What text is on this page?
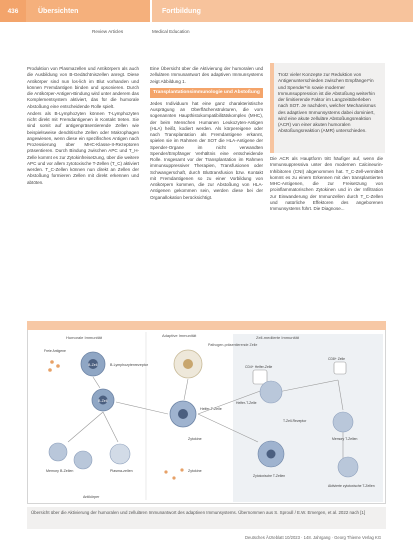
436	Übersichten	Fortbildung
Review Articles	Medical Education

Produktion von Plasmazellen und Antikörpern als auch die Ausbildung von B-Gedächtniszellen anregt. Diese Antikörper sind nun los-lich im Blut vorhanden und können Fremdantigen binden und opsonieren. Durch die Antikörper-Antigen-Bindung wird unter anderem das Komplementsystem aktiviert, das für die humorale Abstoßung eine entscheidende Rolle spielt.

Anders als B-Lymphozyten können T-Lymphozyten nicht direkt mit Fremdantigenen in Kontakt treten. Sie sind somit auf antigenpräsentierende Zellen wie beispielsweise dendritische Zellen oder Makrophagen angewiesen, wenn diese ein spezifisches Antigen nach Prozessierung über MHC-Klasse-II-Rezeptoren präsentieren. Durch Bindung zwischen APC und T_H-Zelle kommt es zur Zytokinfreisetzung, über die weitere APC und vor allem zytotoxische T-Zellen (T_C) aktiviert werden. T_C-Zellen können nun direkt an Zellen der Abstoßung formieren Zellen mit direkt erkennen und abtöten.

Eine Übersicht über die Aktivierung der humoralen und zellulären Immunantwort des adaptiven Immunsystems zeigt Abbildung 1.

Transplantationsimmunologie und Abstoßung

Jedes Individuum hat eine ganz charakteristische Ausprägung an Oberflächenstrukturen, die vom sogenannten Haupthistokompatibilitätskomplex (MHC), der beim Menschen Humanen Leukozyten-Antigen (HLA) heißt, kodiert werden. Als körpereigene oder nach Transplantation als Fremdantigene erkannt, spielen sie im Rahmen der SOT die HLA-Antigene der Spender-Organe im nicht verwandten Spender/Empfänger Verhältnis eine entscheidende Rolle. Insgesamt vor der Transplantation im Rahmen immunsuppressiver Therapien, Transfusionen oder Schwangerschaft, durch Bluttransfusion bzw. Kontakt mit Fremdantigenen so zu einer Vorbildung von Antikörpern kommen, die zur Abstoßung von HLA-Antigenen gekommen sein, werden diese bei der Organallokation berücksichtigt.

Trotz vieler Konzepte zur Reduktion von Antigenunterschieden zwischen Empfänger*in und Spender*in sowie moderner Immunsuppression ist die Abstoßung weiterhin der limitierende Faktor im Langzeitüberleben nach SOT. Je nachdem, welcher Mechanismus des adaptiven Immunsystems dabei dominiert, wird eine akute zelluläre Abstoßungsreaktion (ACR) von einer akuten humoralen Abstoßungsreaktion (AMR) unterschieden.

Die ACR als Hauptform tritt häufiger auf, wenn die Immunsuppressiva unter den modernen Calcineurin-Inhibitoren (CNI) abgenommen hat. T_C-Zell-vermittelt kommt es zu einem Erkennen mit den transplantierten MHC-Antigenen, die zur Freisetzung von proinflammatorischen Zytokinen und in der Infiltration zur Einwanderung der Immunzellen durch T_C-Zellen und natürliche Effektoren des angeborenen Immunsystems führt. Die Diagnose...

Humorale Immunität	Adaptive Immunität	Zell-mediierte Immunität
Pathogen-präsentierende Zelle
B-Zell	B-Lymphozytenrezeptor
B-Zell
Memory B-Zellen	Plasma-zellen
Antikörper
Freie Antigene
Helfer-T-Zelle
Zytokine
Zytokine
CD4+ Helfer-Zelle
Helfer-T-Zelle
Zytotoxische T-Zellen
CD8+ Zelle
Memory T-Zellen
Aktivierte zytotoxische T-Zellen
T-Zell-Rezeptor
Abbildung 1
Übersicht über die Aktivierung der humoralen und zellulären Immunantwort des adaptiven Immunsystems. Übernommen aus S. Sproull / E.W. Emergen, et al. 2022 nach [1]
Deutsches Ärzteblatt 10/2023 · 148. Jahrgang · Georg Thieme Verlag KG
